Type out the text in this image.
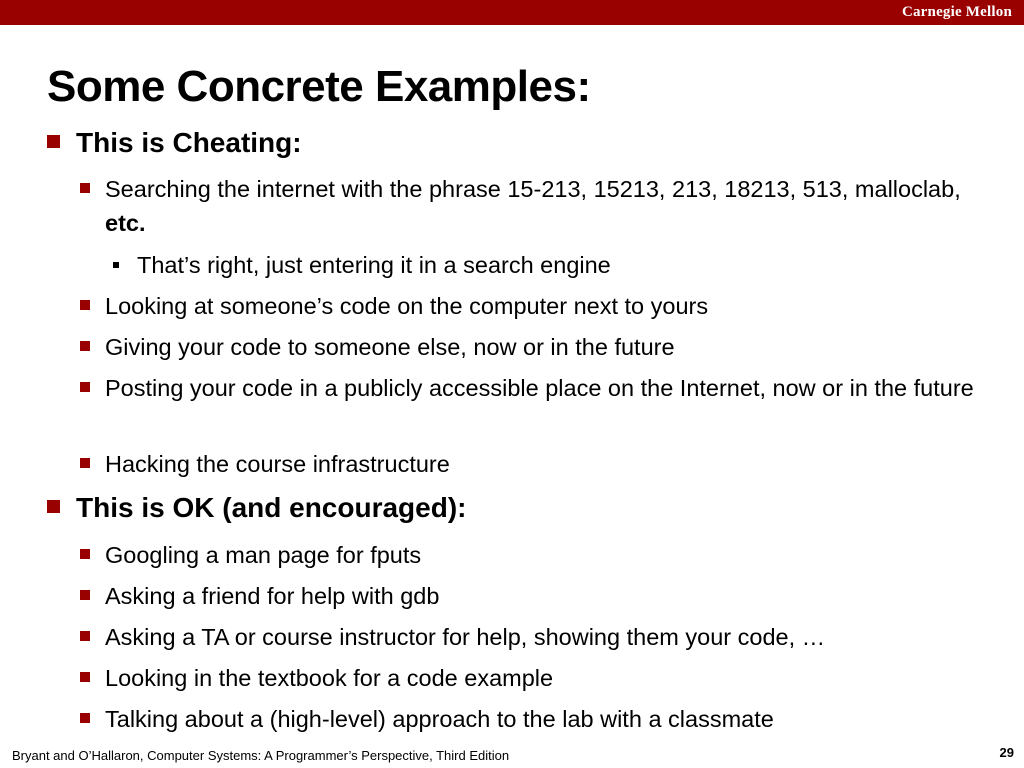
Carnegie Mellon
Some Concrete Examples:
This is Cheating:
Searching the internet with the phrase 15-213, 15213, 213, 18213, 513, malloclab, etc.
That’s right, just entering it in a search engine
Looking at someone’s code on the computer next to yours
Giving your code to someone else, now or in the future
Posting your code in a publicly accessible place on the Internet, now or in the future
Hacking the course infrastructure
This is OK (and encouraged):
Googling a man page for fputs
Asking a friend for help with gdb
Asking a TA or course instructor for help, showing them your code, …
Looking in the textbook for a code example
Talking about a (high-level) approach to the lab with a classmate
Bryant and O’Hallaron, Computer Systems: A Programmer’s Perspective, Third Edition	29
